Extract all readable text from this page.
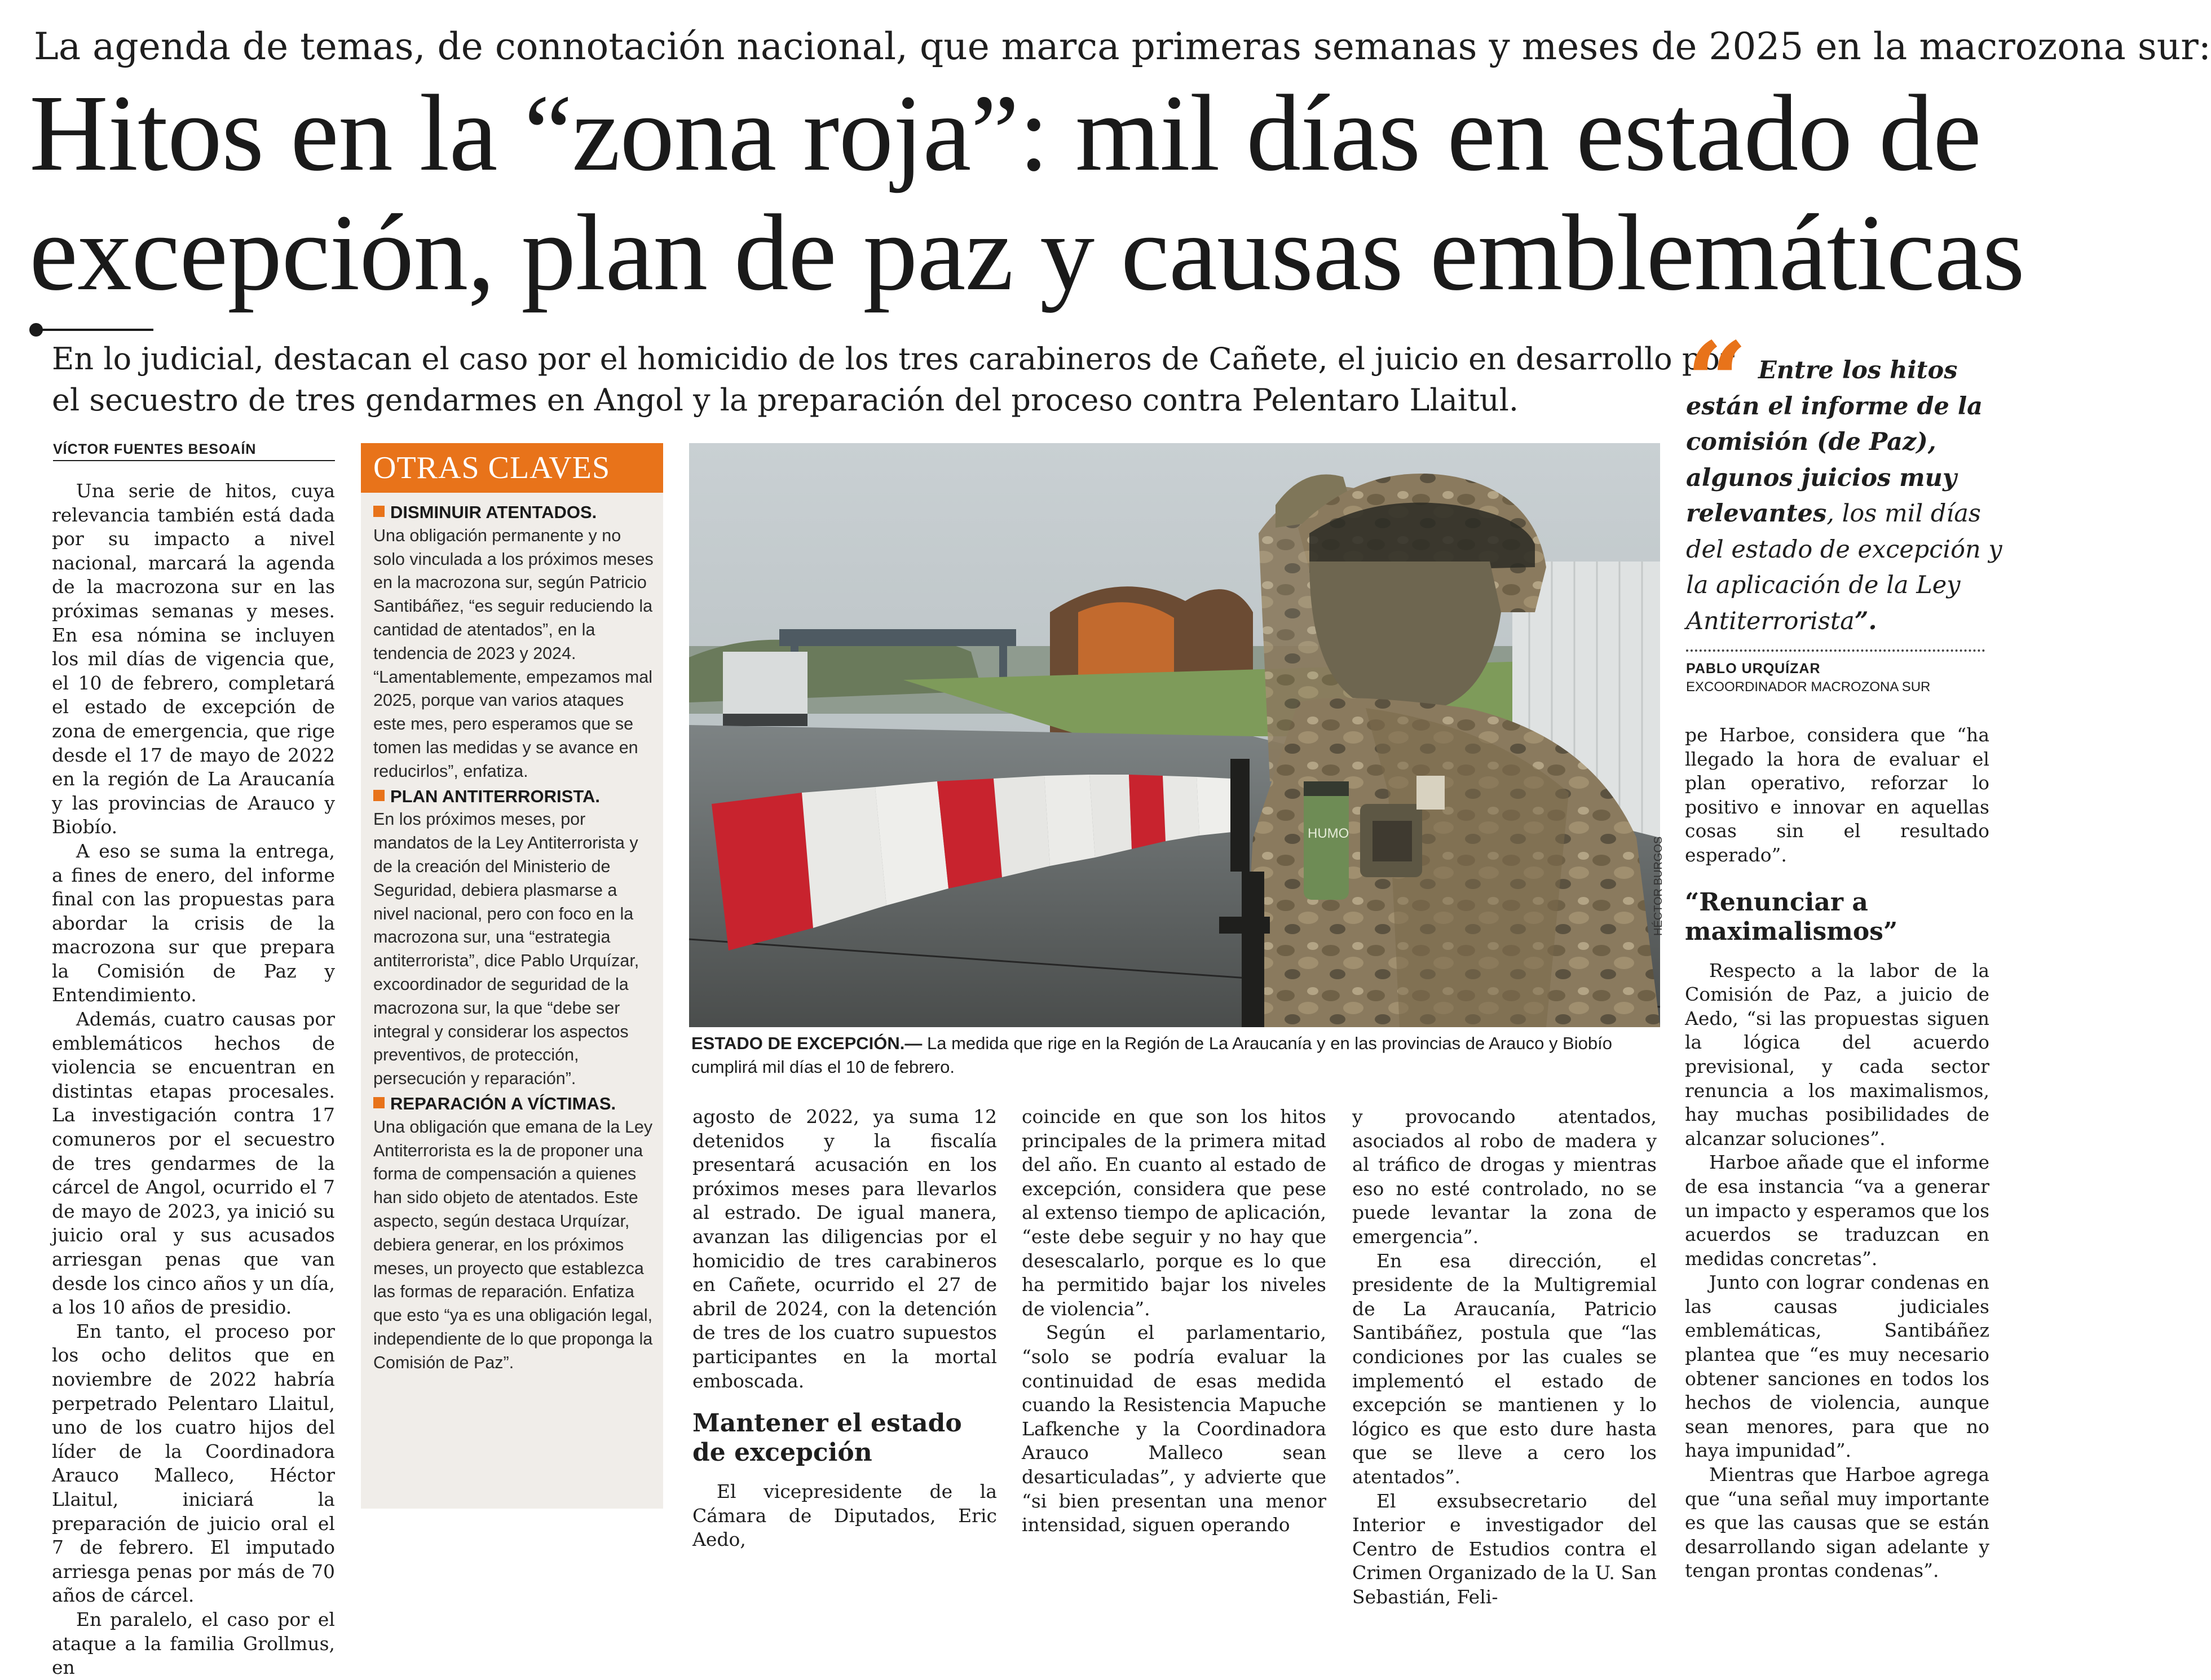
La agenda de temas, de connotación nacional, que marca primeras semanas y meses de 2025 en la macrozona sur:
Hitos en la “zona roja”: mil días en estado de
excepción, plan de paz y causas emblemáticas
En lo judicial, destacan el caso por el homicidio de los tres carabineros de Cañete, el juicio en desarrollo por
el secuestro de tres gendarmes en Angol y la preparación del proceso contra Pelentaro Llaitul.
VÍCTOR FUENTES BESOAÍN

Una serie de hitos, cuya relevancia también está dada por su impacto a nivel nacional, marcará la agenda de la macrozona sur en las próximas semanas y meses. En esa nómina se incluyen los mil días de vigencia que, el 10 de febrero, completará el estado de excepción de zona de emergencia, que rige desde el 17 de mayo de 2022 en la región de La Araucanía y las provincias de Arauco y Biobío.

A eso se suma la entrega, a fines de enero, del informe final con las propuestas para abordar la crisis de la macrozona sur que prepara la Comisión de Paz y Entendimiento.

Además, cuatro causas por emblemáticos hechos de violencia se encuentran en distintas etapas procesales. La investigación contra 17 comuneros por el secuestro de tres gendarmes de la cárcel de Angol, ocurrido el 7 de mayo de 2023, ya inició su juicio oral y sus acusados arriesgan penas que van desde los cinco años y un día, a los 10 años de presidio.

En tanto, el proceso por los ocho delitos que en noviembre de 2022 habría perpetrado Pelentaro Llaitul, uno de los cuatro hijos del líder de la Coordinadora Arauco Malleco, Héctor Llaitul, iniciará la preparación de juicio oral el 7 de febrero. El imputado arriesga penas por más de 70 años de cárcel.

En paralelo, el caso por el ataque a la familia Grollmus, en

OTRAS CLAVES
DISMINUIR ATENTADOS.
Una obligación permanente y no solo vinculada a los próximos meses en la macrozona sur, según Patricio Santibáñez, “es seguir reduciendo la cantidad de atentados”, en la tendencia de 2023 y 2024. “Lamentablemente, empezamos mal 2025, porque van varios ataques este mes, pero esperamos que se tomen las medidas y se avance en reducirlos”, enfatiza.
PLAN ANTITERRORISTA.
En los próximos meses, por mandatos de la Ley Antiterrorista y de la creación del Ministerio de Seguridad, debiera plasmarse a nivel nacional, pero con foco en la macrozona sur, una “estrategia antiterrorista”, dice Pablo Urquízar, excoordinador de seguridad de la macrozona sur, la que “debe ser integral y considerar los aspectos preventivos, de protección, persecución y reparación”.
REPARACIÓN A VÍCTIMAS.
Una obligación que emana de la Ley Antiterrorista es la de proponer una forma de compensación a quienes han sido objeto de atentados. Este aspecto, según destaca Urquízar, debiera generar, en los próximos meses, un proyecto que establezca las formas de reparación. Enfatiza que esto “ya es una obligación legal, independiente de lo que proponga la Comisión de Paz”.
HUMO
HÉCTOR BURGOS
ESTADO DE EXCEPCIÓN.— La medida que rige en la Región de La Araucanía y en las provincias de Arauco y Biobío cumplirá mil días el 10 de febrero.

agosto de 2022, ya suma 12 detenidos y la fiscalía presentará acusación en los próximos meses para llevarlos al estrado. De igual manera, avanzan las diligencias por el homicidio de tres carabineros en Cañete, ocurrido el 27 de abril de 2024, con la detención de tres de los cuatro supuestos participantes en la mortal emboscada.

Mantener el estado de excepción

El vicepresidente de la Cámara de Diputados, Eric Aedo,

coincide en que son los hitos principales de la primera mitad del año. En cuanto al estado de excepción, considera que pese al extenso tiempo de aplicación, “este debe seguir y no hay que desescalarlo, porque es lo que ha permitido bajar los niveles de violencia”.

Según el parlamentario, “solo se podría evaluar la continuidad de esas medida cuando la Resistencia Mapuche Lafkenche y la Coordinadora Arauco Malleco sean desarticuladas”, y advierte que “si bien presentan una menor intensidad, siguen operando

y provocando atentados, asociados al robo de madera y al tráfico de drogas y mientras eso no esté controlado, no se puede levantar la zona de emergencia”.

En esa dirección, el presidente de la Multigremial de La Araucanía, Patricio Santibáñez, postula que “las condiciones por las cuales se implementó el estado de excepción se mantienen y lo lógico es que esto dure hasta que se lleve a cero los atentados”.

El exsubsecretario del Interior e investigador del Centro de Estudios contra el Crimen Organizado de la U. San Sebastián, Feli-

“ Entre los hitos
están el informe de la
comisión (de Paz),
algunos juicios muy
relevantes, los mil días
del estado de excepción y
la aplicación de la Ley
Antiterrorista”.
PABLO URQUÍZAR
EXCOORDINADOR MACROZONA SUR

pe Harboe, considera que “ha llegado la hora de evaluar el plan operativo, reforzar lo positivo e innovar en aquellas cosas sin el resultado esperado”.

“Renunciar a maximalismos”

Respecto a la labor de la Comisión de Paz, a juicio de Aedo, “si las propuestas siguen la lógica del acuerdo previsional, y cada sector renuncia a los maximalismos, hay muchas posibilidades de alcanzar soluciones”.

Harboe añade que el informe de esa instancia “va a generar un impacto y esperamos que los acuerdos se traduzcan en medidas concretas”.

Junto con lograr condenas en las causas judiciales emblemáticas, Santibáñez plantea que “es muy necesario obtener sanciones en todos los hechos de violencia, aunque sean menores, para que no haya impunidad”.

Mientras que Harboe agrega que “una señal muy importante es que las causas que se están desarrollando sigan adelante y tengan prontas condenas”.
